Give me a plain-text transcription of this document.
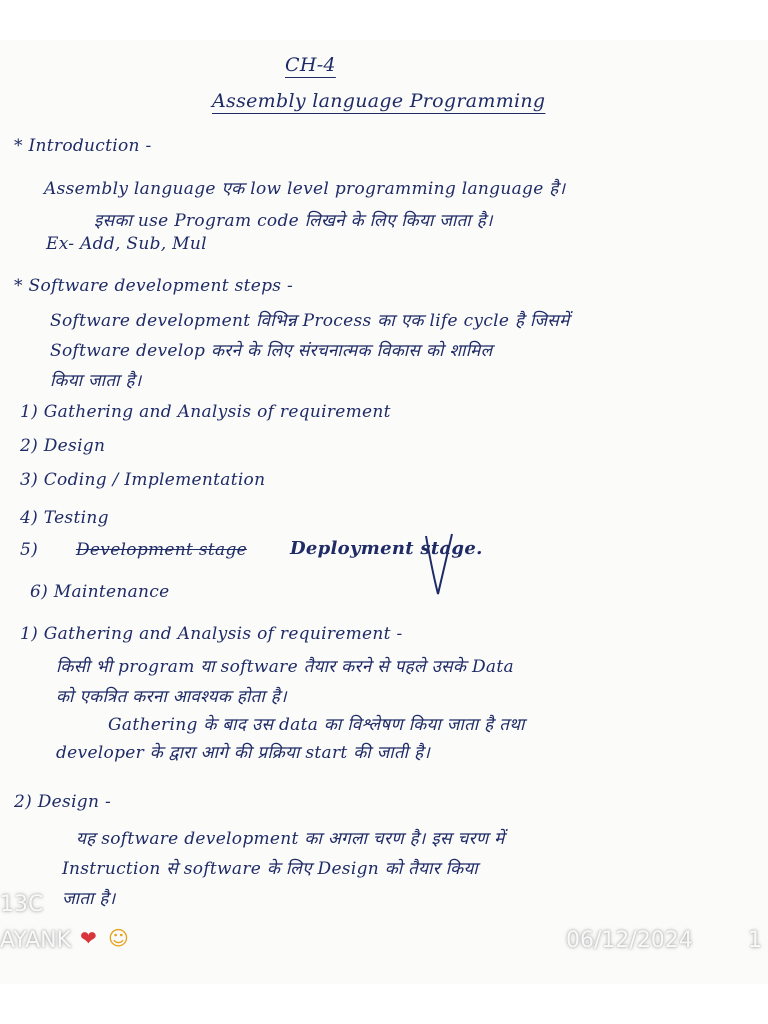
CH-4
Assembly language Programming
* Introduction -
Assembly language एक low level programming language है।
इसका use Program code लिखने के लिए किया जाता है।
Ex- Add, Sub, Mul
* Software development steps -
Software development विभिन्न Process का एक life cycle है जिसमें
Software develop करने के लिए संरचनात्मक विकास को शामिल
किया जाता है।
1) Gathering and Analysis of requirement
2) Design
3) Coding / Implementation
4) Testing
5) Development stage Deployment stage.
6) Maintenance
1) Gathering and Analysis of requirement -
किसी भी program या software तैयार करने से पहले उसके Data
को एकत्रित करना आवश्यक होता है।
Gathering के बाद उस data का विश्लेषण किया जाता है तथा
developer के द्वारा आगे की प्रक्रिया start की जाती है।
2) Design -
यह software development का अगला चरण है। इस चरण में
Instruction से software के लिए Design को तैयार किया
जाता है।
13C
AYANK ❤ ☺	06/12/2024	1
